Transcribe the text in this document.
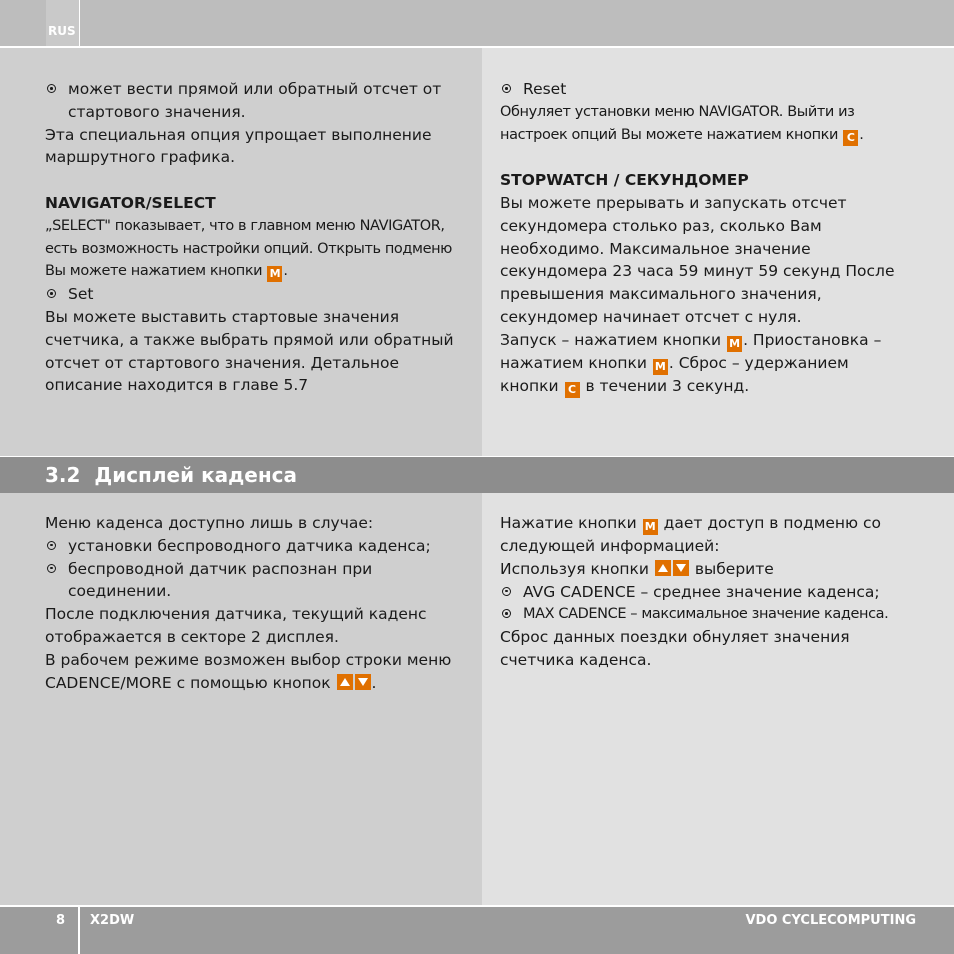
RUS

может вести прямой или обратный отсчет от стартового значения.

Эта специальная опция упрощает выполнение маршрутного графика.

NAVIGATOR/SELECT

„SELECT" показывает, что в главном меню NAVIGATOR, есть возможность настройки опций. Открыть подменю Вы можете нажатием кнопки M .

Set

Вы можете выставить стартовые значения счетчика, а также выбрать прямой или обратный отсчет от стартового значения. Детальное описание находится в главе 5.7

Reset

Обнуляет установки меню NAVIGATOR. Выйти из настроек опций Вы можете нажатием кнопки C .

STOPWATCH / СЕКУНДОМЕР

Вы можете прерывать и запускать отсчет секундомера столько раз, сколько Вам необходимо. Максимальное значение секундомера 23 часа 59 минут 59 секунд После превышения максимального значения, секундомер начинает отсчет с нуля.

Запуск – нажатием кнопки M . Приостановка – нажатием кнопки M . Сброс – удержанием кнопки C в течении 3 секунд.

3.2 Дисплей каденса

Меню каденса доступно лишь в случае:

установки беспроводного датчика каденса;

беспроводной датчик распознан при соединении.

После подключения датчика, текущий каденс отображается в секторе 2 дисплея.

В рабочем режиме возможен выбор строки меню CADENCE/MORE с помощью кнопок	.

Нажатие кнопки M дает доступ в подменю со следующей информацией:

Используя кнопки	выберите

AVG CADENCE – среднее значение каденса;

MAX CADENCE – максимальное значение каденса.

Сброс данных поездки обнуляет значения счетчика каденса.

8 X2DW	VDO CYCLECOMPUTING
